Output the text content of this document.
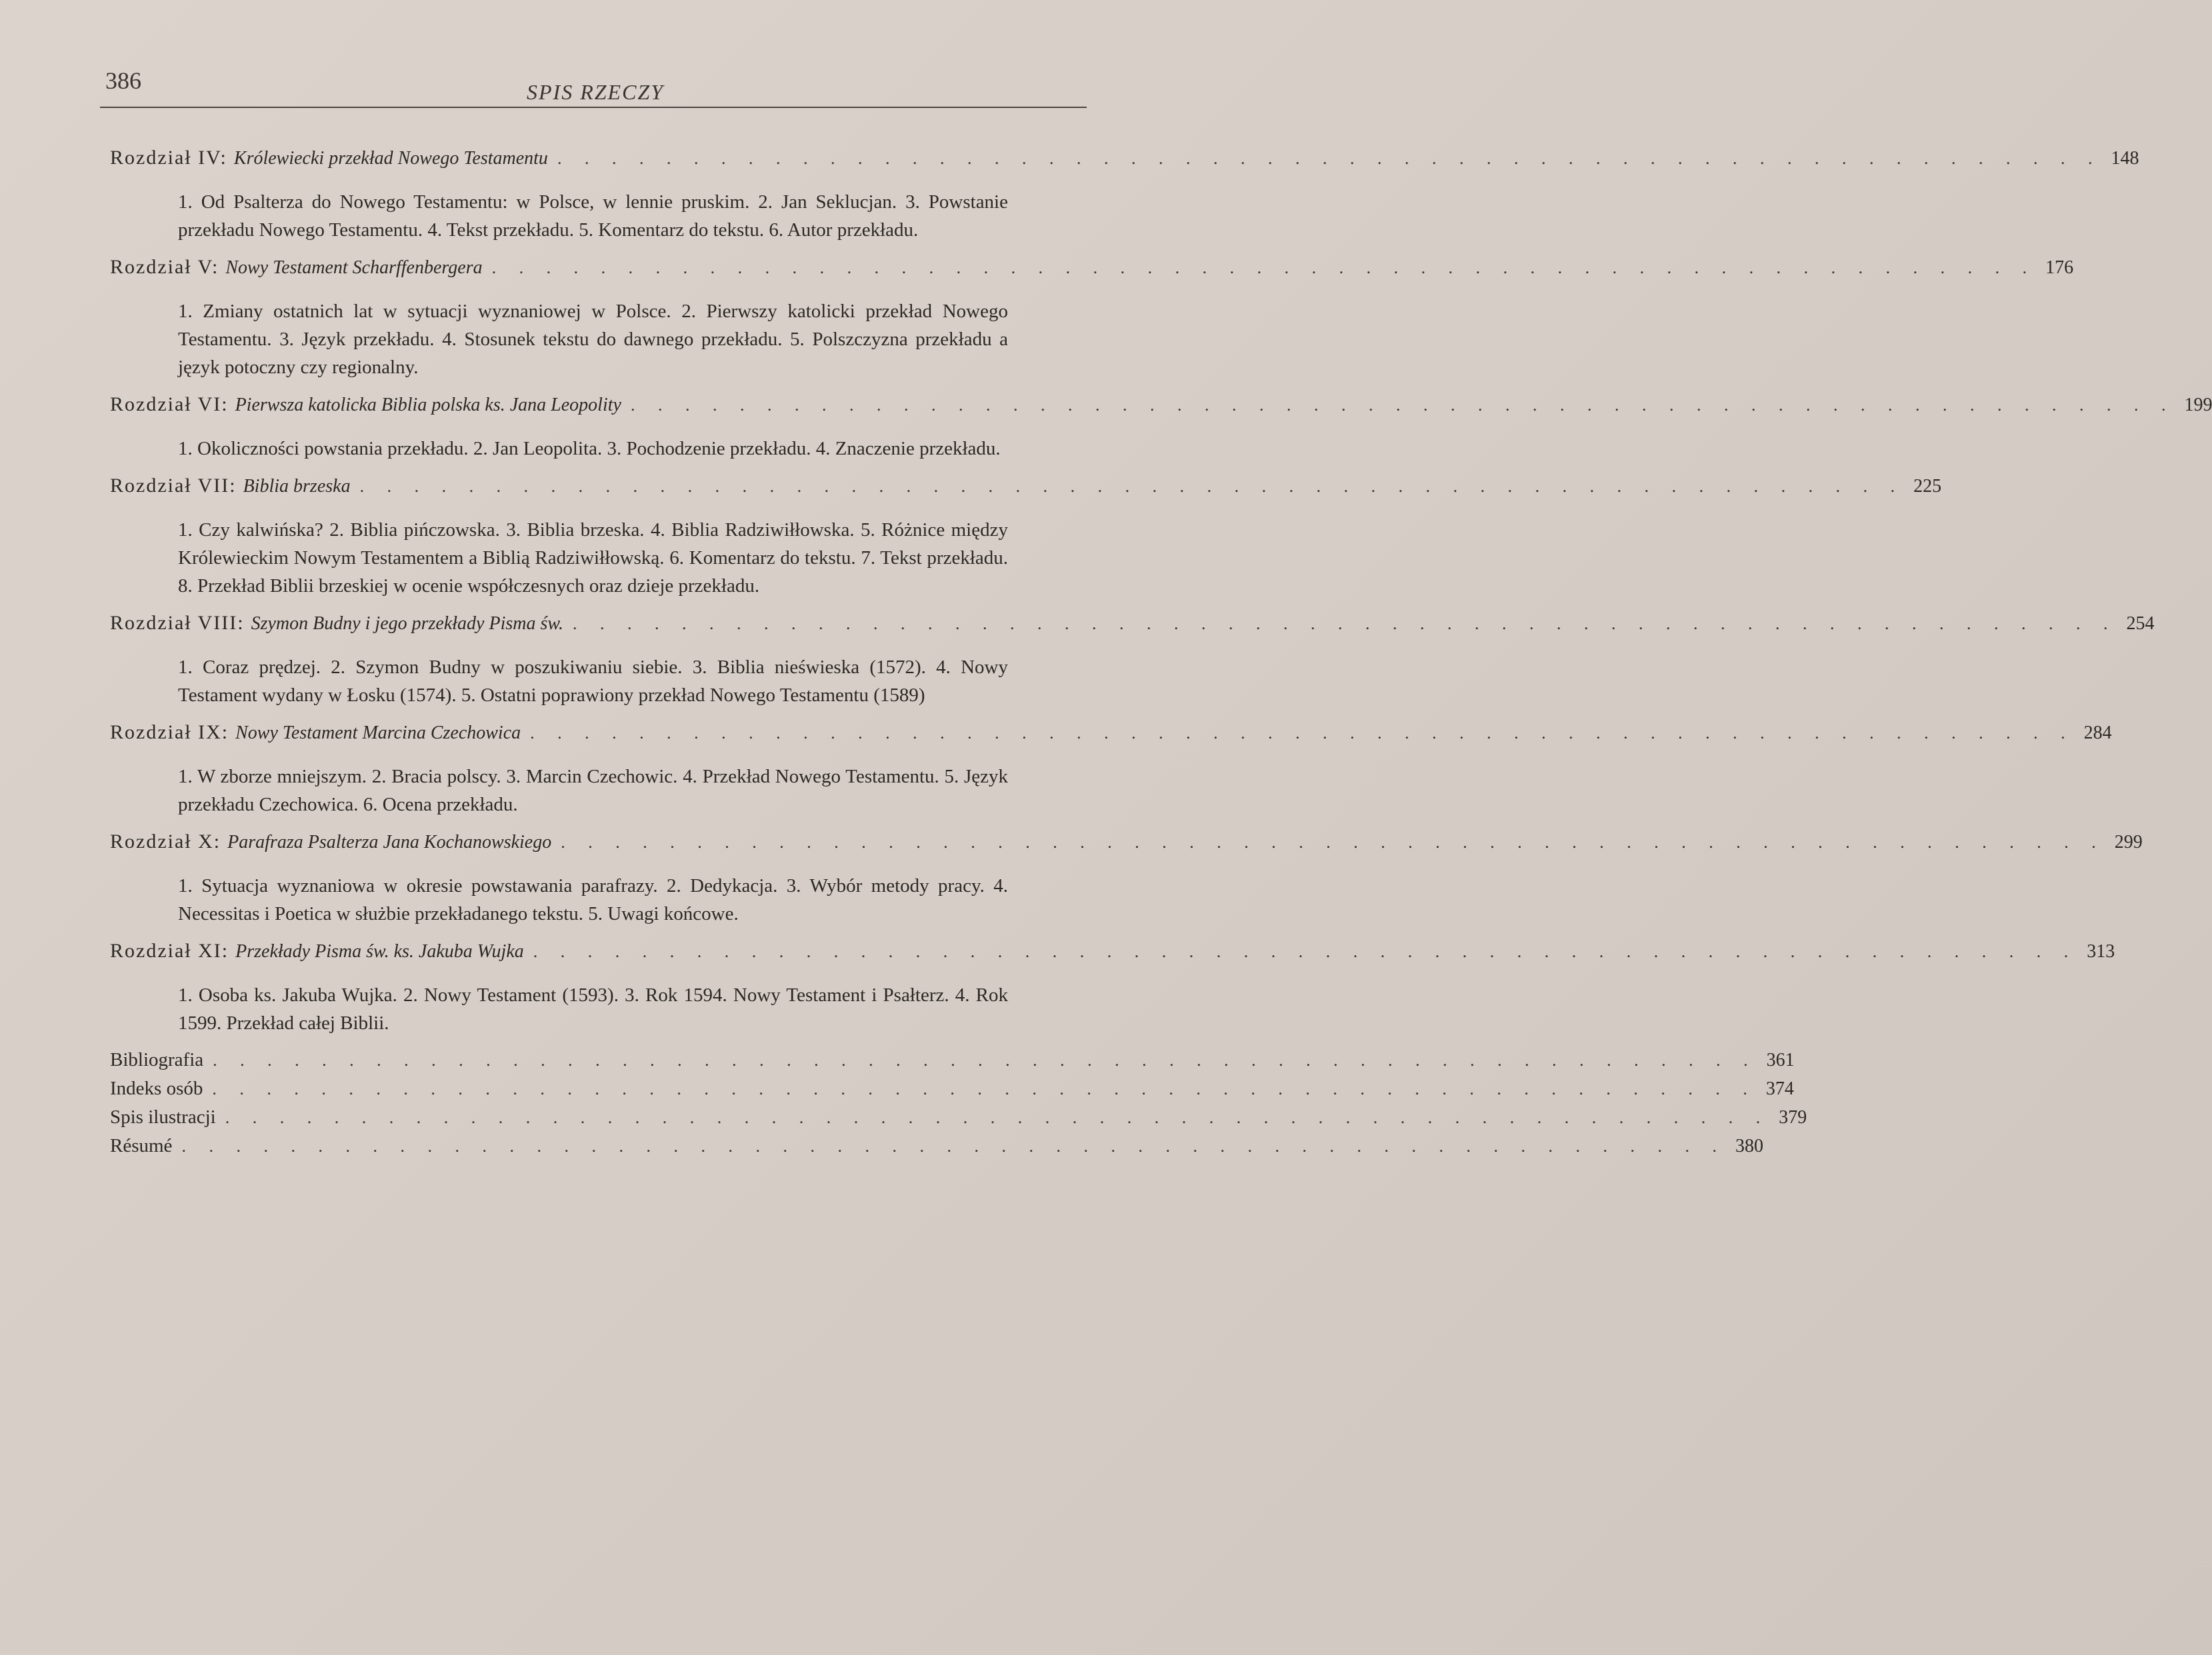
386	SPIS RZECZY
Rozdział IV: Królewiecki przekład Nowego Testamentu . . . . . . . . . . . . . . . . . . . . . . . . . . . . . . . . . . . . . . . . . . . . . . . . . . . . . . . . . 148
1. Od Psalterza do Nowego Testamentu: w Polsce, w lennie pruskim. 2. Jan Seklucjan. 3. Powstanie przekładu Nowego Testamentu. 4. Tekst przekładu. 5. Komentarz do tekstu. 6. Autor przekładu.
Rozdział V: Nowy Testament Scharffenbergera . . . . . . . . . . . . . . . . . . . . . . . . . . . . . . . . . . . . . . . . . . . . . . . . . . . . . . . . . 176
1. Zmiany ostatnich lat w sytuacji wyznaniowej w Polsce. 2. Pierwszy katolicki przekład Nowego Testamentu. 3. Język przekładu. 4. Stosunek tekstu do dawnego przekładu. 5. Polszczyzna przekładu a język potoczny czy regionalny.
Rozdział VI: Pierwsza katolicka Biblia polska ks. Jana Leopolity . . . . . . . . . . . . . . . . . . . . . . . . . . . . . . . . . . . . . . . . . . . . . . . . . . . . . . . . . 199
1. Okoliczności powstania przekładu. 2. Jan Leopolita. 3. Pochodzenie przekładu. 4. Znaczenie przekładu.
Rozdział VII: Biblia brzeska . . . . . . . . . . . . . . . . . . . . . . . . . . . . . . . . . . . . . . . . . . . . . . . . . . . . . . . . . 225
1. Czy kalwińska? 2. Biblia pińczowska. 3. Biblia brzeska. 4. Biblia Radziwiłłowska. 5. Różnice między Królewieckim Nowym Testamentem a Biblią Radziwiłłowską. 6. Komentarz do tekstu. 7. Tekst przekładu. 8. Przekład Biblii brzeskiej w ocenie współczesnych oraz dzieje przekładu.
Rozdział VIII: Szymon Budny i jego przekłady Pisma św. . . . . . . . . . . . . . . . . . . . . . . . . . . . . . . . . . . . . . . . . . . . . . . . . . . . . . . . . . 254
1. Coraz prędzej. 2. Szymon Budny w poszukiwaniu siebie. 3. Biblia nieświeska (1572). 4. Nowy Testament wydany w Łosku (1574). 5. Ostatni poprawiony przekład Nowego Testamentu (1589)
Rozdział IX: Nowy Testament Marcina Czechowica . . . . . . . . . . . . . . . . . . . . . . . . . . . . . . . . . . . . . . . . . . . . . . . . . . . . . . . . . 284
1. W zborze mniejszym. 2. Bracia polscy. 3. Marcin Czechowic. 4. Przekład Nowego Testamentu. 5. Język przekładu Czechowica. 6. Ocena przekładu.
Rozdział X: Parafraza Psalterza Jana Kochanowskiego . . . . . . . . . . . . . . . . . . . . . . . . . . . . . . . . . . . . . . . . . . . . . . . . . . . . . . . . . 299
1. Sytuacja wyznaniowa w okresie powstawania parafrazy. 2. Dedykacja. 3. Wybór metody pracy. 4. Necessitas i Poetica w służbie przekładanego tekstu. 5. Uwagi końcowe.
Rozdział XI: Przekłady Pisma św. ks. Jakuba Wujka . . . . . . . . . . . . . . . . . . . . . . . . . . . . . . . . . . . . . . . . . . . . . . . . . . . . . . . . . 313
1. Osoba ks. Jakuba Wujka. 2. Nowy Testament (1593). 3. Rok 1594. Nowy Testament i Psałterz. 4. Rok 1599. Przekład całej Biblii.
Bibliografia . . . . . . . . . . . . . . . . . . . . . . . . . . . . . . . . . . . . . . . . . . . . . . . . . . . . . . . . . 361
Indeks osób . . . . . . . . . . . . . . . . . . . . . . . . . . . . . . . . . . . . . . . . . . . . . . . . . . . . . . . . . 374
Spis ilustracji . . . . . . . . . . . . . . . . . . . . . . . . . . . . . . . . . . . . . . . . . . . . . . . . . . . . . . . . . 379
Résumé . . . . . . . . . . . . . . . . . . . . . . . . . . . . . . . . . . . . . . . . . . . . . . . . . . . . . . . . . 380
